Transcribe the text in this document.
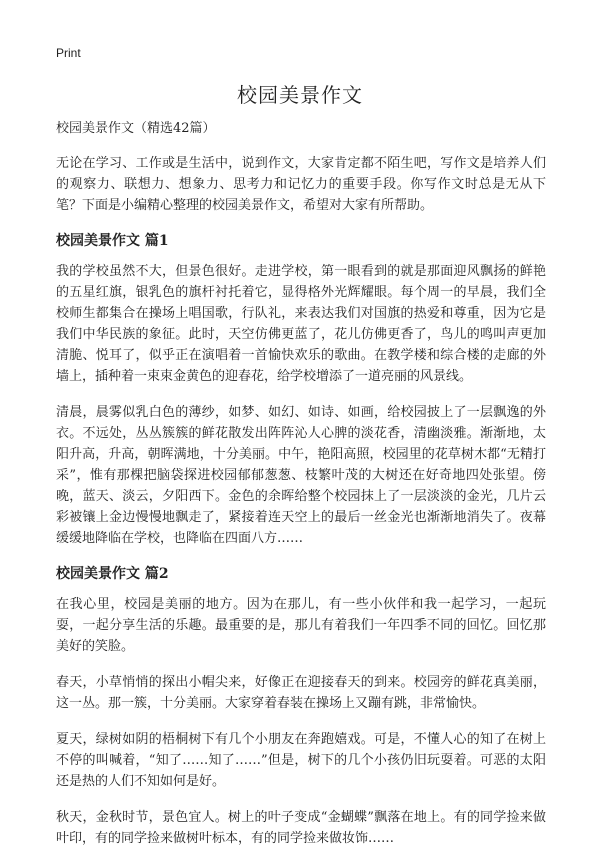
Print
校园美景作文

校园美景作文（精选42篇）

无论在学习、工作或是生活中，说到作文，大家肯定都不陌生吧，写作文是培养人们的观察力、联想力、想象力、思考力和记忆力的重要手段。你写作文时总是无从下笔？下面是小编精心整理的校园美景作文，希望对大家有所帮助。

校园美景作文 篇1

我的学校虽然不大，但景色很好。走进学校，第一眼看到的就是那面迎风飘扬的鲜艳的五星红旗，银乳色的旗杆衬托着它，显得格外光辉耀眼。每个周一的早晨，我们全校师生都集合在操场上唱国歌，行队礼，来表达我们对国旗的热爱和尊重，因为它是我们中华民族的象征。此时，天空仿佛更蓝了，花儿仿佛更香了，鸟儿的鸣叫声更加清脆、悦耳了，似乎正在演唱着一首愉快欢乐的歌曲。在教学楼和综合楼的走廊的外墙上，插种着一束束金黄色的迎春花，给学校增添了一道亮丽的风景线。

清晨，晨雾似乳白色的薄纱，如梦、如幻、如诗、如画，给校园披上了一层飘逸的外衣。不远处，丛丛簇簇的鲜花散发出阵阵沁人心脾的淡花香，清幽淡雅。渐渐地，太阳升高，升高，朝晖满地，十分美丽。中午，艳阳高照，校园里的花草树木都“无精打采”，惟有那棵把脑袋探进校园郁郁葱葱、枝繁叶茂的大树还在好奇地四处张望。傍晚，蓝天、淡云，夕阳西下。金色的余晖给整个校园抹上了一层淡淡的金光，几片云彩被镶上金边慢慢地飘走了，紧接着连天空上的最后一丝金光也渐渐地消失了。夜幕缓缓地降临在学校，也降临在四面八方……

校园美景作文 篇2

在我心里，校园是美丽的地方。因为在那儿，有一些小伙伴和我一起学习，一起玩耍，一起分享生活的乐趣。最重要的是，那儿有着我们一年四季不同的回忆。回忆那美好的笑脸。

春天，小草悄悄的探出小帽尖来，好像正在迎接春天的到来。校园旁的鲜花真美丽，这一丛。那一簇，十分美丽。大家穿着春装在操场上又蹦有跳，非常愉快。

夏天，绿树如阴的梧桐树下有几个小朋友在奔跑嬉戏。可是，不懂人心的知了在树上不停的叫喊着，“知了……知了……”但是，树下的几个小孩仍旧玩耍着。可恶的太阳还是热的人们不知如何是好。

秋天，金秋时节，景色宜人。树上的叶子变成“金蝴蝶”飘落在地上。有的同学捡来做叶印，有的同学捡来做树叶标本，有的同学捡来做妆饰……
